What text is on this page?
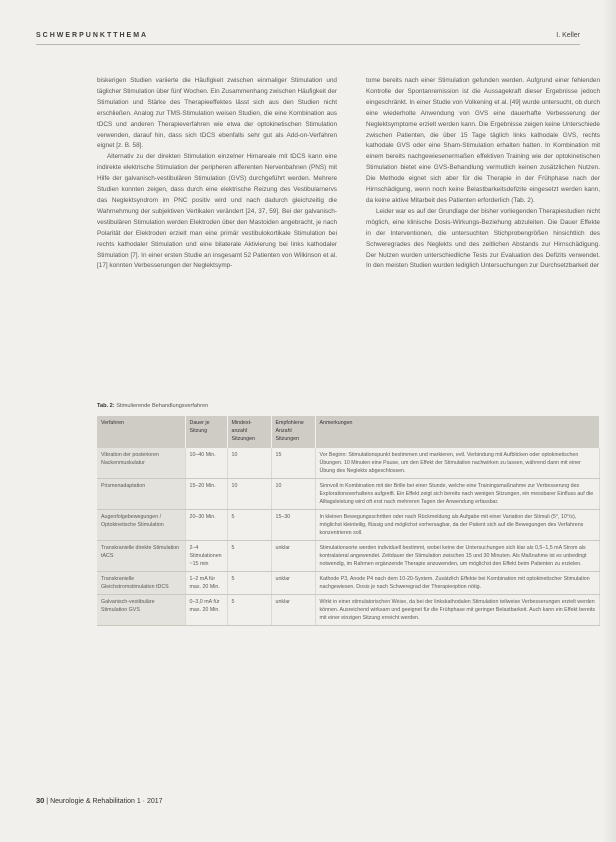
SCHWERPUNKTTHEMA	I. Keller

biskerigen Studien variierte die Häufigkeit zwischen einmaliger Stimulation und täglicher Stimulation über fünf Wochen. Ein Zusammenhang zwischen Häufigkeit der Stimulation und Stärke des Therapieeffektes lässt sich aus den Studien nicht erschließen. Analog zur TMS-Stimulation weisen Studien, die eine Kombination aus tDCS und anderen Therapieverfahren wie etwa der optokinetischen Stimulation verwenden, darauf hin, dass sich tDCS ebenfalls sehr gut als Add-on-Verfahren eignet [z. B. 58].

Alternativ zu der direkten Stimulation einzelner Hirnareale mit tDCS kann eine indirekte elektrische Stimulation der peripheren afferenten Nervenbahnen (PNS) mit Hilfe der galvanisch-vestibulären Stimulation (GVS) durchgeführt werden. Mehrere Studien konnten zeigen, dass durch eine elektrische Reizung des Vestibularnervs das Neglektsyndrom im PNC positiv wird und nach dadurch gleichzeitig die Wahrnehmung der subjektiven Vertikalen verändert [24, 37, 59]. Bei der galvanisch-vestibulären Stimulation werden Elektroden über den Mastoiden angebracht, je nach Polarität der Elektroden erzielt man eine primär vestibulokortikale Stimulation bei rechts kathodaler Stimulation und eine bilaterale Aktivierung bei links kathodaler Stimulation [7]. In einer ersten Studie an insgesamt 52 Patienten von Wilkinson et al. [17] konnten Verbesserungen der Neglektsymp-

tome bereits nach einer Stimulation gefunden werden. Aufgrund einer fehlenden Kontrolle der Spontanremission ist die Aussagekraft dieser Ergebnisse jedoch eingeschränkt. In einer Studie von Volkening et al. [49] wurde untersucht, ob durch eine wiederholte Anwendung von GVS eine dauerhafte Verbesserung der Neglektsymptome erzielt werden kann. Die Ergebnisse zeigen keine Unterschiede zwischen Patienten, die über 15 Tage täglich links kathodale GVS, rechts kathodale GVS oder eine Sham-Stimulation erhalten hatten. In Kombination mit einem bereits nachgewiesenermaßen effektiven Training wie der optokinetischen Stimulation bietet eine GVS-Behandlung vermutlich keinen zusätzlichen Nutzen. Die Methode eignet sich aber für die Therapie in der Frühphase nach der Hirnschädigung, wenn noch keine Belastbarkeitsdefizite eingesetzt werden kann, da keine aktive Mitarbeit des Patienten erforderlich (Tab. 2).

Leider war es auf der Grundlage der bisher vorliegenden Therapiestudien nicht möglich, eine klinische Dosis-Wirkungs-Beziehung abzuleiten. Die Dauer Effekte in der Interventionen, die untersuchten Stichprobengrößen hinsichtlich des Schweregrades des Neglekts und des zeitlichen Abstands zur Hirnschädigung. Der Nutzen wurden unterschiedliche Tests zur Evaluation des Defizits verwendet. In den meisten Studien wurden lediglich Untersuchungen zur Durchsetzbarkeit der

Tab. 2: Stimulierende Behandlungsverfahren
Verfahren	Dauer je Sitzung	Mindest-anzahl Sitzungen	Empfohlene Anzahl Sitzungen	Anmerkungen
Vibration der posterioren Nackenmuskulatur	10–40 Min.	10	15	Vor Beginn: Stimulationspunkt bestimmen und markieren, evtl. Verbindung mit Aufblicken oder optokinetischen Übungen. 10 Minuten eine Pause, um den Effekt der Stimulation nachwirken zu lassen, während dann mit einer Übung des Neglekts abgeschlossen.
Prismenadaptation	15–20 Min.	10	10	Sinnvoll in Kombination mit der Brille bei einer Stunde, welche eine Trainingsmaßnahme zur Verbesserung des Explorationsverhaltens aufgreift. Ein Effekt zeigt sich bereits nach wenigen Sitzungen, ein messbarer Einfluss auf die Alltagsleistung wird oft erst nach mehreren Tagen der Anwendung erfassbar.
Augenfolgebewegungen / Optokinetische Stimulation	20–30 Min.	5	15–30	In kleinen Bewegungsschritten oder nach Rückmeldung als Aufgabe mit einer Variation der Stimuli (5°, 10°/s), möglichst kleinteilig, flüssig und möglichst vorhersagbar, da der Patient sich auf die Bewegungen des Verfahrens konzentrieren soll.
Transkranielle direkte Stimulation tACS	2–4 Stimulationen ~15 min	5	unklar	Stimulationsorte werden individuell bestimmt, wobei keine der Untersuchungen sich klar als 0,5–1,5 mA Strom als kontralateral angewendet. Zeitdauer der Stimulation zwischen 15 und 30 Minuten. Als Maßnahme ist es unbedingt notwendig, im Rahmen ergänzende Therapie anzuwenden, um möglichst den Effekt beim Patienten zu erzielen.
Transkranielle Gleichstromstimulation tDCS	1–2 mA für max. 20 Min.	5	unklar	Kathode P3, Anode P4 nach dem 10-20-System. Zusätzlich Effekte bei Kombination mit optokinetischer Stimulation nachgewiesen. Dosis je nach Schweregrad der Therapieoption nötig.
Galvanisch-vestibuläre Stimulation GVS	0–3,0 mA für max. 20 Min.	5	unklar	Wirkt in einer stimulatorischen Weise, da bei der linkskathodalen Stimulation teilweise Verbesserungen erzielt werden können. Ausreichend wirksam und geeignet für die Frühphase mit geringer Belastbarkeit. Auch kann ein Effekt bereits mit einer einzigen Sitzung erreicht werden.
30 | Neurologie & Rehabilitation 1 · 2017
